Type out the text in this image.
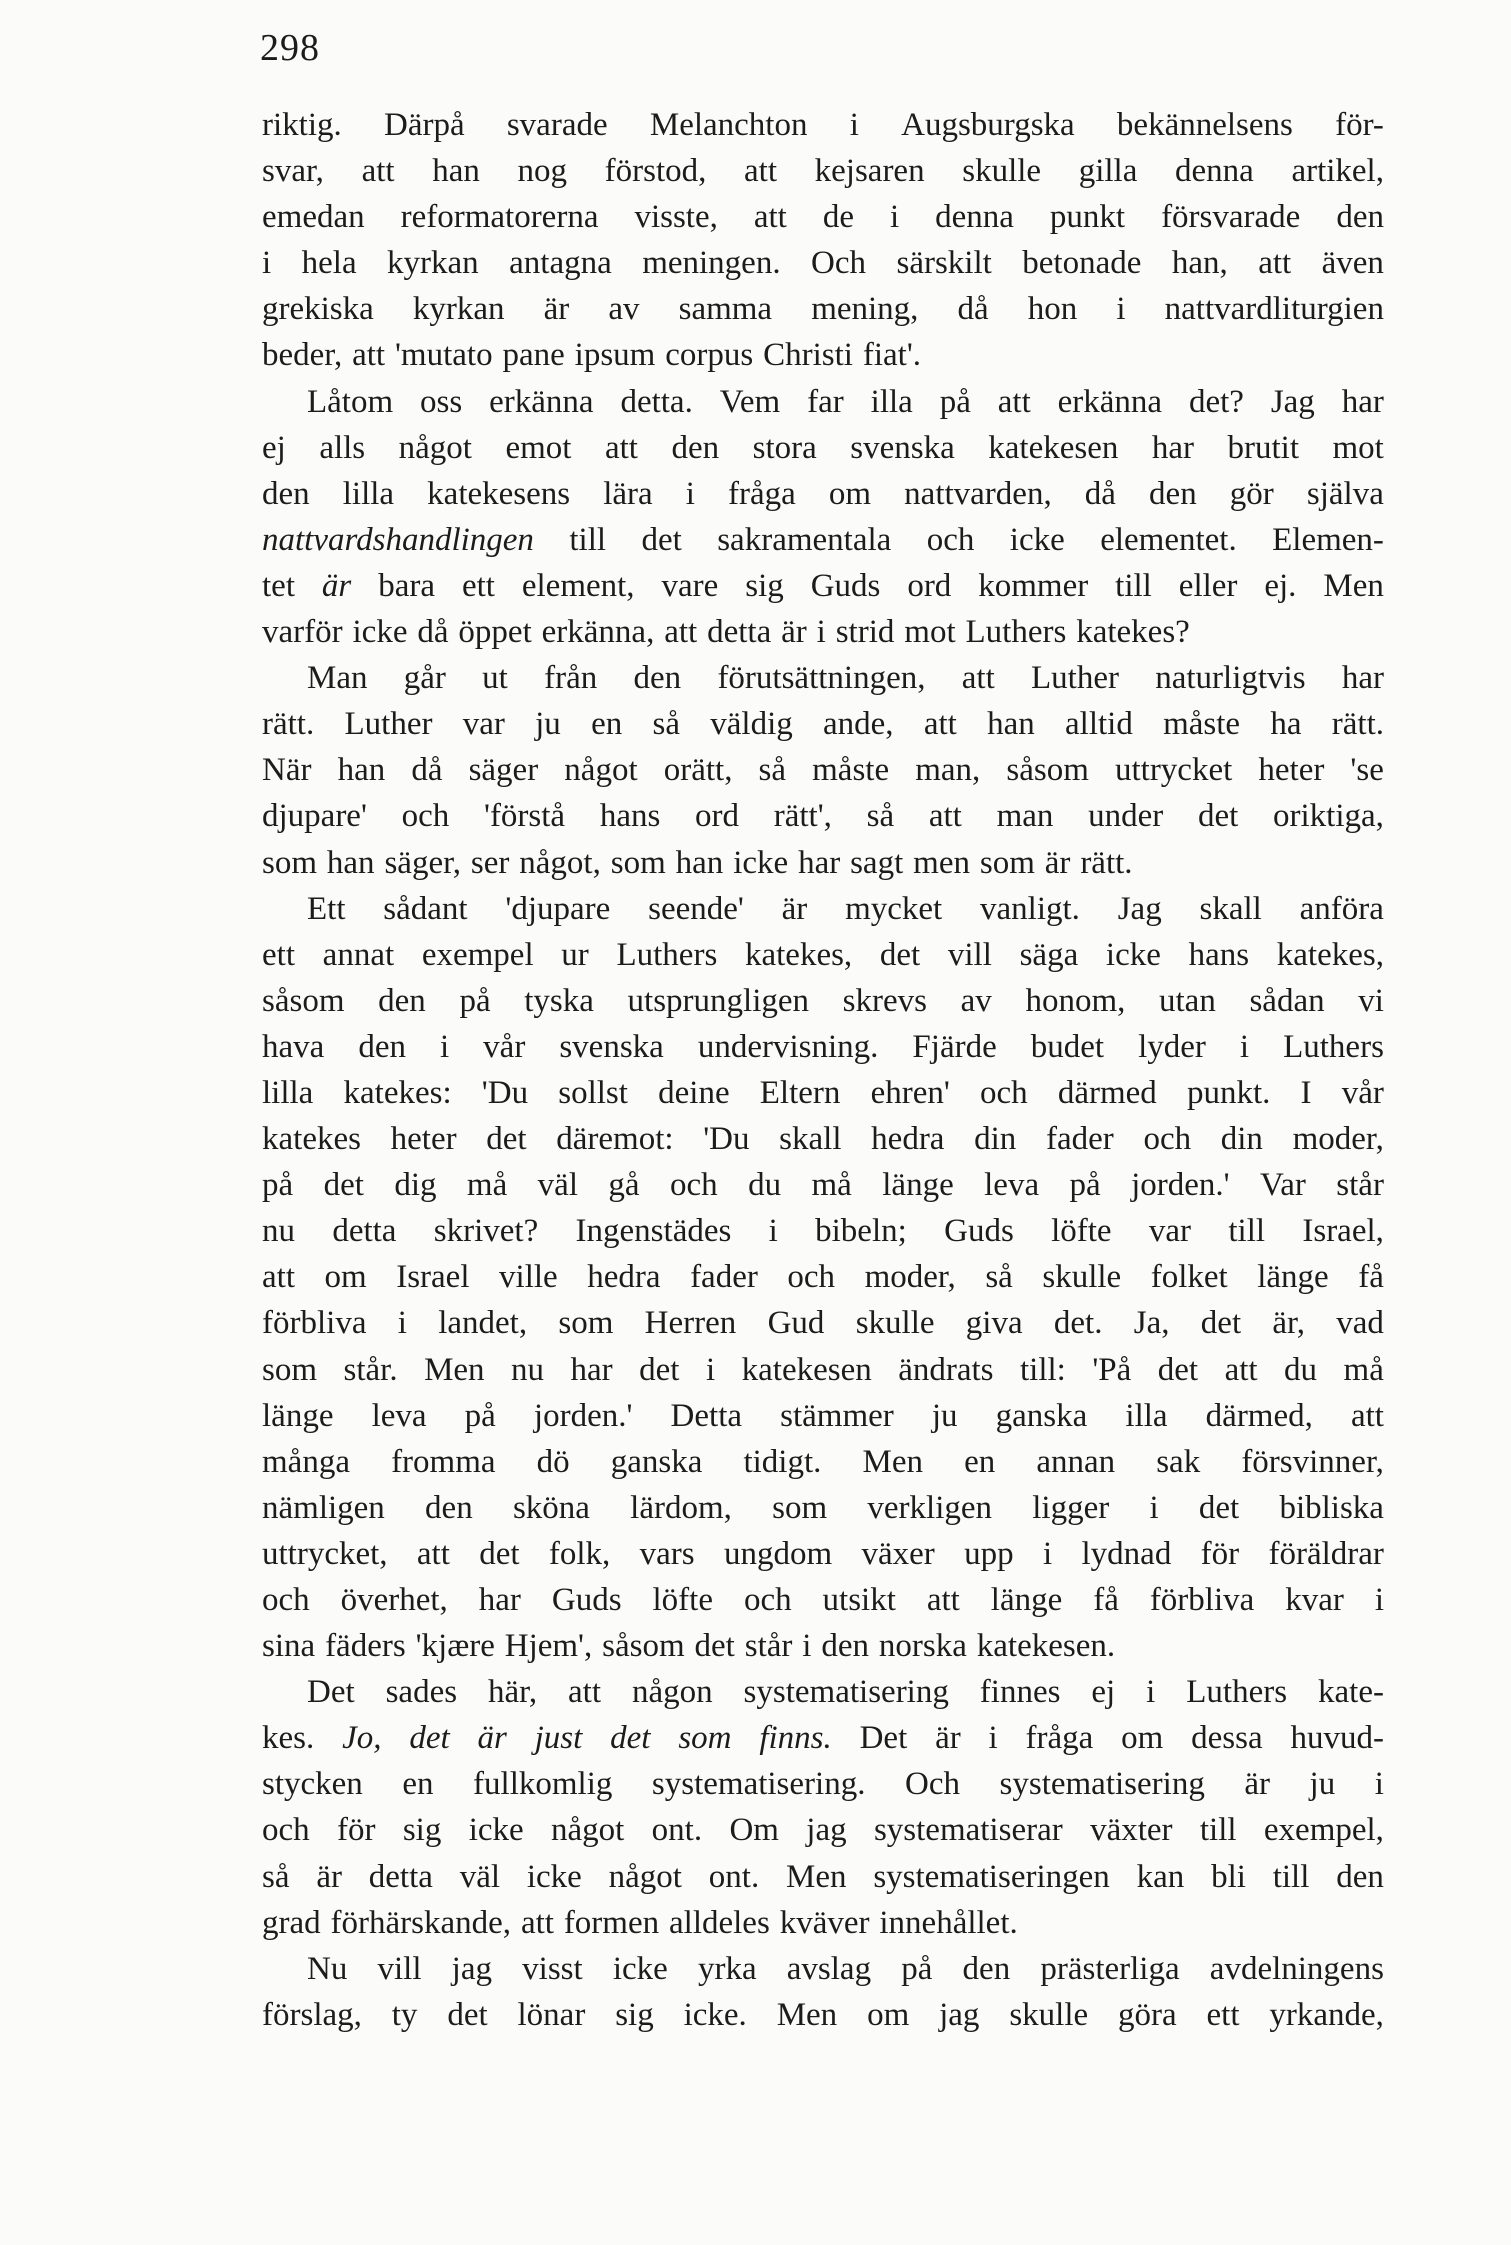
298
riktig. Därpå svarade Melanchton i Augsburgska bekännelsens för-
svar, att han nog förstod, att kejsaren skulle gilla denna artikel,
emedan reformatorerna visste, att de i denna punkt försvarade den
i hela kyrkan antagna meningen. Och särskilt betonade han, att även
grekiska kyrkan är av samma mening, då hon i nattvardliturgien
beder, att 'mutato pane ipsum corpus Christi fiat'.
Låtom oss erkänna detta. Vem far illa på att erkänna det? Jag har
ej alls något emot att den stora svenska katekesen har brutit mot
den lilla katekesens lära i fråga om nattvarden, då den gör själva
nattvardshandlingen till det sakramentala och icke elementet. Elemen-
tet är bara ett element, vare sig Guds ord kommer till eller ej. Men
varför icke då öppet erkänna, att detta är i strid mot Luthers katekes?
Man går ut från den förutsättningen, att Luther naturligtvis har
rätt. Luther var ju en så väldig ande, att han alltid måste ha rätt.
När han då säger något orätt, så måste man, såsom uttrycket heter 'se
djupare' och 'förstå hans ord rätt', så att man under det oriktiga,
som han säger, ser något, som han icke har sagt men som är rätt.
Ett sådant 'djupare seende' är mycket vanligt. Jag skall anföra
ett annat exempel ur Luthers katekes, det vill säga icke hans katekes,
såsom den på tyska utsprungligen skrevs av honom, utan sådan vi
hava den i vår svenska undervisning. Fjärde budet lyder i Luthers
lilla katekes: 'Du sollst deine Eltern ehren' och därmed punkt. I vår
katekes heter det däremot: 'Du skall hedra din fader och din moder,
på det dig må väl gå och du må länge leva på jorden.' Var står
nu detta skrivet? Ingenstädes i bibeln; Guds löfte var till Israel,
att om Israel ville hedra fader och moder, så skulle folket länge få
förbliva i landet, som Herren Gud skulle giva det. Ja, det är, vad
som står. Men nu har det i katekesen ändrats till: 'På det att du må
länge leva på jorden.' Detta stämmer ju ganska illa därmed, att
många fromma dö ganska tidigt. Men en annan sak försvinner,
nämligen den sköna lärdom, som verkligen ligger i det bibliska
uttrycket, att det folk, vars ungdom växer upp i lydnad för föräldrar
och överhet, har Guds löfte och utsikt att länge få förbliva kvar i
sina fäders 'kjære Hjem', såsom det står i den norska katekesen.
Det sades här, att någon systematisering finnes ej i Luthers kate-
kes. Jo, det är just det som finns. Det är i fråga om dessa huvud-
stycken en fullkomlig systematisering. Och systematisering är ju i
och för sig icke något ont. Om jag systematiserar växter till exempel,
så är detta väl icke något ont. Men systematiseringen kan bli till den
grad förhärskande, att formen alldeles kväver innehållet.
Nu vill jag visst icke yrka avslag på den prästerliga avdelningens
förslag, ty det lönar sig icke. Men om jag skulle göra ett yrkande,
